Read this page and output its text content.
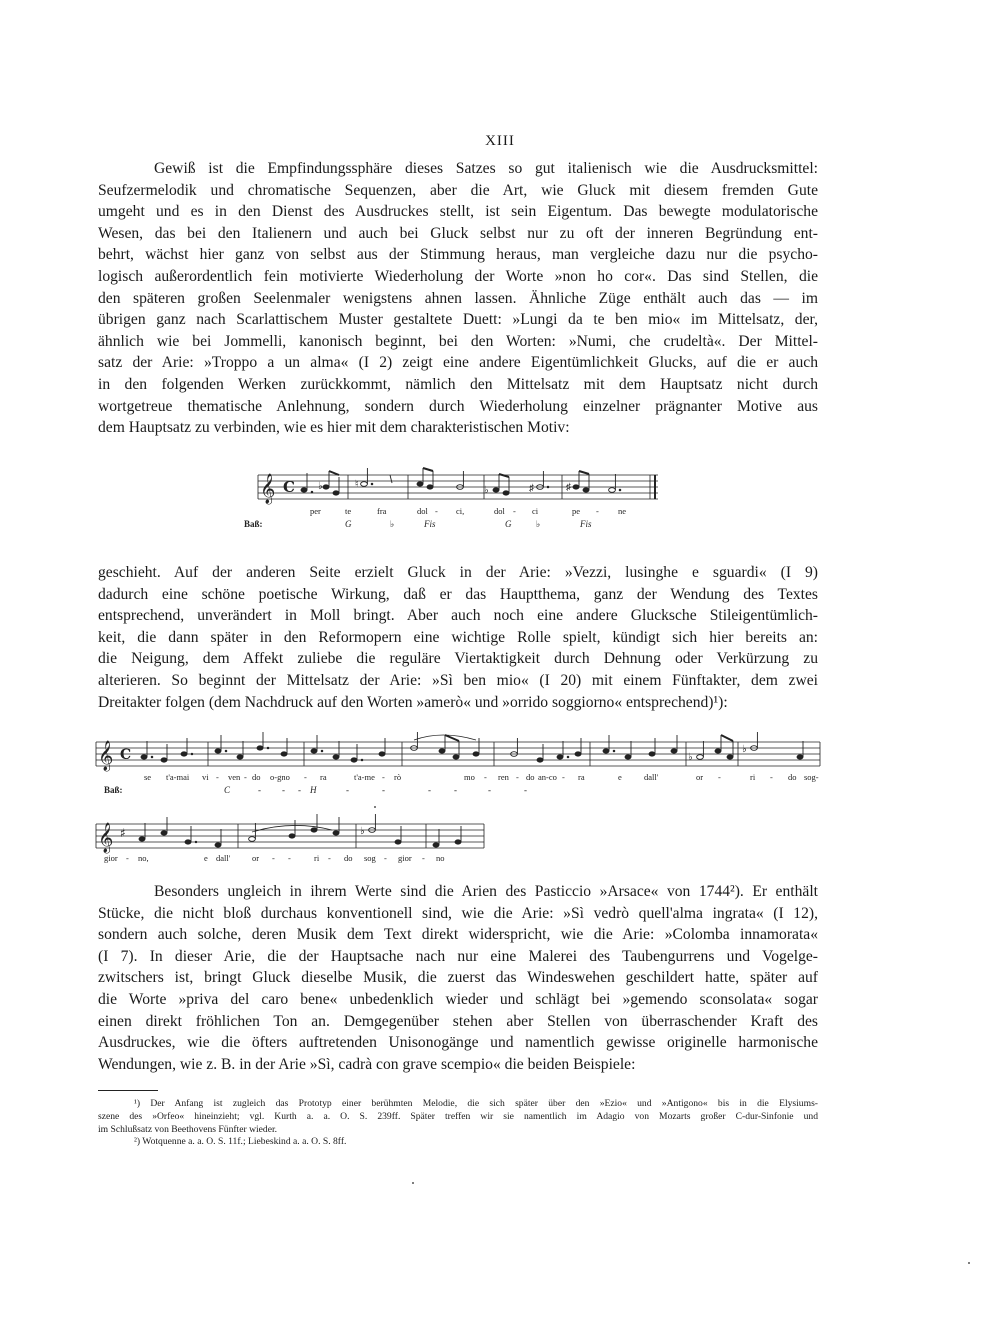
XIII
Gewiß ist die Empfindungssphäre dieses Satzes so gut italienisch wie die Ausdrucksmittel:
Seufzermelodik und chromatische Sequenzen, aber die Art, wie Gluck mit diesem fremden Gute
umgeht und es in den Dienst des Ausdruckes stellt, ist sein Eigentum. Das bewegte modulatorische
Wesen, das bei den Italienern und auch bei Gluck selbst nur zu oft der inneren Begründung ent-
behrt, wächst hier ganz von selbst aus der Stimmung heraus, man vergleiche dazu nur die psycho-
logisch außerordentlich fein motivierte Wiederholung der Worte »non ho cor«. Das sind Stellen, die
den späteren großen Seelenmaler wenigstens ahnen lassen. Ähnliche Züge enthält auch das — im
übrigen ganz nach Scarlattischem Muster gestaltete Duett: »Lungi da te ben mio« im Mittelsatz, der,
ähnlich wie bei Jommelli, kanonisch beginnt, bei den Worten: »Numi, che crudeltà«. Der Mittel-
satz der Arie: »Troppo a un alma« (I 2) zeigt eine andere Eigentümlichkeit Glucks, auf die er auch
in den folgenden Werken zurückkommt, nämlich den Mittelsatz mit dem Hauptsatz nicht durch
wortgetreue thematische Anlehnung, sondern durch Wiederholung einzelner prägnanter Motive aus
dem Hauptsatz zu verbinden, wie es hier mit dem charakteristischen Motiv:
𝄞 C ♭	♮
♭	♯	♯
per	te	fra	dol - ci,	dol - ci	pe - ne
Baß:	G	♭	Fis	G	♭	Fis
geschieht. Auf der anderen Seite erzielt Gluck in der Arie: »Vezzi, lusinghe e sguardi« (I 9)
dadurch eine schöne poetische Wirkung, daß er das Hauptthema, ganz der Wendung des Textes
entsprechend, unverändert in Moll bringt. Aber auch noch eine andere Glucksche Stileigentümlich-
keit, die dann später in den Reformopern eine wichtige Rolle spielt, kündigt sich hier bereits an:
die Neigung, dem Affekt zuliebe die reguläre Viertaktigkeit durch Dehnung oder Verkürzung zu
alterieren. So beginnt der Mittelsatz der Arie: »Sì ben mio« (I 20) mit einem Fünftakter, dem zwei
Dreitakter folgen (dem Nachdruck auf den Worten »amerò« und »orrido soggiorno« entsprechend)¹):
𝄞 C
𝄞 ♯
♭
♭
♭
se t'a-mai vi - ven - do o-gno - ra	t'a-me - rò	mo - ren - do an-co - ra	e	dall'	or -	ri - do sog-
Baß:	C	- - - H	-	-	-	-	-	-
gior - no,	e dall'	or - -	ri - do sog - gior - no
Besonders ungleich in ihrem Werte sind die Arien des Pasticcio »Arsace« von 1744²). Er enthält
Stücke, die nicht bloß durchaus konventionell sind, wie die Arie: »Sì vedrò quell'alma ingrata« (I 12),
sondern auch solche, deren Musik dem Text direkt widerspricht, wie die Arie: »Colomba innamorata«
(I 7). In dieser Arie, die der Hauptsache nach nur eine Malerei des Taubengurrens und Vogelge-
zwitschers ist, bringt Gluck dieselbe Musik, die zuerst das Windeswehen geschildert hatte, später auf
die Worte »priva del caro bene« unbedenklich wieder und schlägt bei »gemendo sconsolata« sogar
einen direkt fröhlichen Ton an. Demgegenüber stehen aber Stellen von überraschender Kraft des
Ausdruckes, wie die öfters auftretenden Unisonogänge und namentlich gewisse originelle harmonische
Wendungen, wie z. B. in der Arie »Sì, cadrà con grave scempio« die beiden Beispiele:
¹) Der Anfang ist zugleich das Prototyp einer berühmten Melodie, die sich später über den »Ezio« und »Antigono« bis in die Elysiums-
szene des »Orfeo« hineinzieht; vgl. Kurth a. a. O. S. 239ff. Später treffen wir sie namentlich im Adagio von Mozarts großer C-dur-Sinfonie und
im Schlußsatz von Beethovens Fünfter wieder.
²) Wotquenne a. a. O. S. 11f.; Liebeskind a. a. O. S. 8ff.
